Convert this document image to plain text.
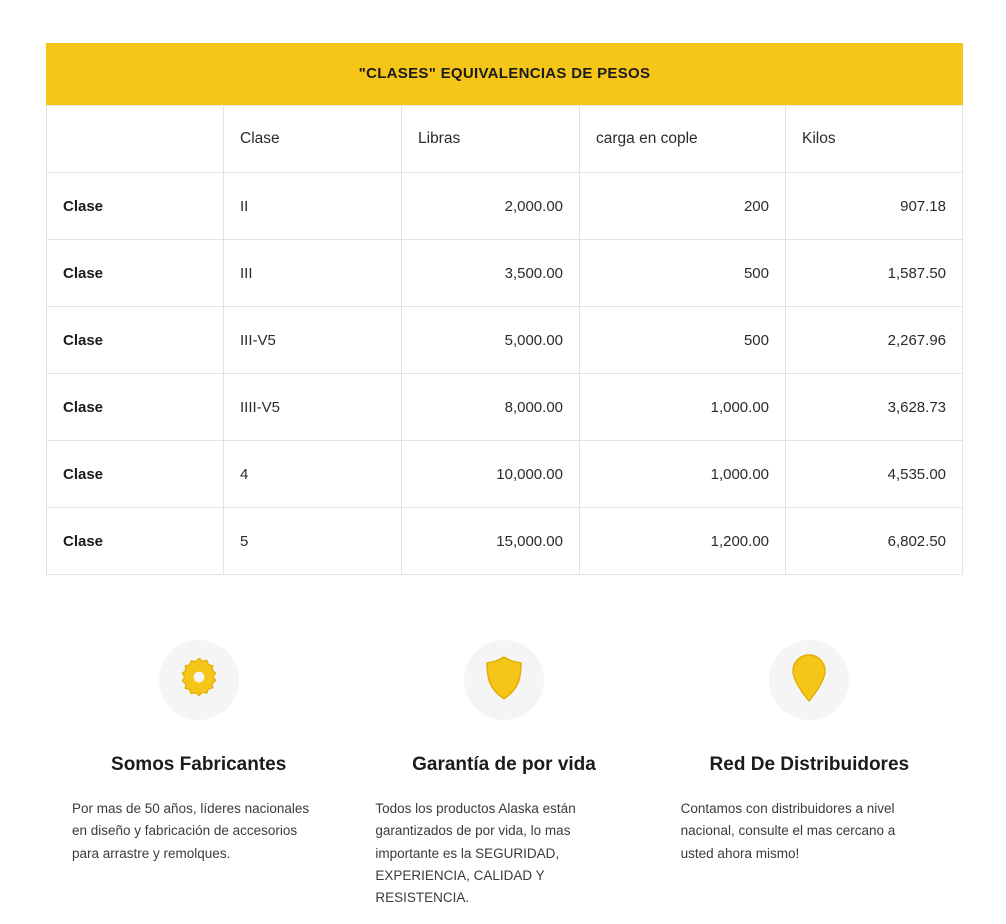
"CLASES" EQUIVALENCIAS DE PESOS
	Clase	Libras	carga en cople	Kilos
Clase	II	2,000.00	200	907.18
Clase	III	3,500.00	500	1,587.50
Clase	III-V5	5,000.00	500	2,267.96
Clase	IIII-V5	8,000.00	1,000.00	3,628.73
Clase	4	10,000.00	1,000.00	4,535.00
Clase	5	15,000.00	1,200.00	6,802.50
Somos Fabricantes

Por mas de 50 años, líderes nacionales en diseño y fabricación de accesorios para arrastre y remolques.

Garantía de por vida

Todos los productos Alaska están garantizados de por vida, lo mas importante es la SEGURIDAD, EXPERIENCIA, CALIDAD Y RESISTENCIA.

Red De Distribuidores

Contamos con distribuidores a nivel nacional, consulte el mas cercano a usted ahora mismo!
